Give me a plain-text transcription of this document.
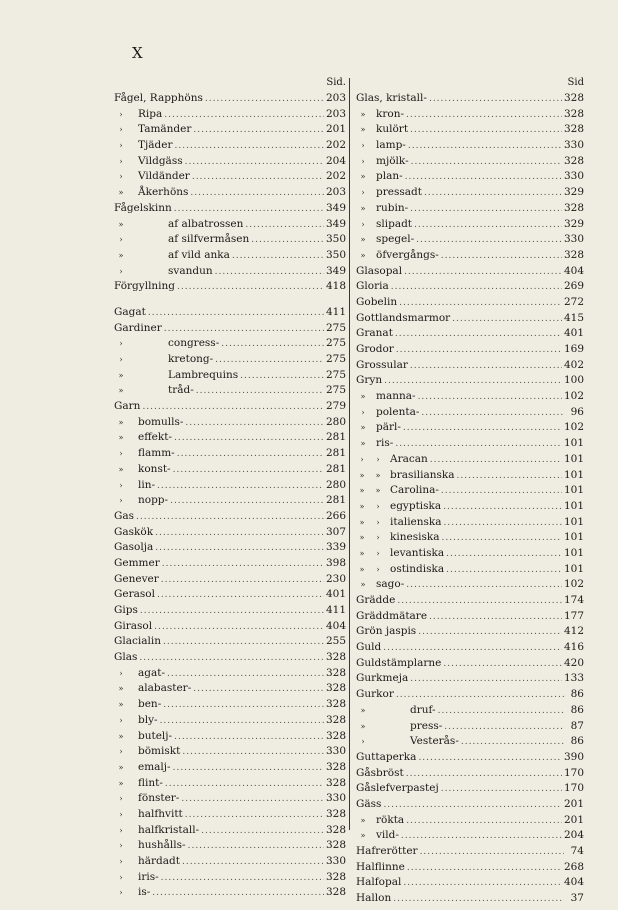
X
Sid.
Fågel, Rapphöns .....	203
›	Ripa .....	203
›	Tamänder .....	201
›	Tjäder .....	202
›	Vildgäss .....	204
›	Vildänder .....	202
»	Åkerhöns .....	203
Fågelskinn .....	349
»	af albatrossen .....	349
›	af silfvermåsen .....	350
»	af vild anka .....	350
›	svandun .....	349
Förgyllning .....	418
Gagat .....	411
Gardiner .....	275
›	congress- .....	275
›	kretong- .....	275
»	Lambrequins .....	275
»	tråd- .....	275
Garn .....	279
»	bomulls- .....	280
»	effekt- .....	281
›	flamm- .....	281
»	konst- .....	281
›	lin- .....	280
›	nopp- .....	281
Gas .....	266
Gaskök .....	307
Gasolja .....	339
Gemmer .....	398
Genever .....	230
Gerasol .....	401
Gips .....	411
Girasol .....	404
Glacialin .....	255
Glas .....	328
›	agat- .....	328
»	alabaster- .....	328
»	ben- .....	328
›	bly- .....	328
»	butelj- .....	328
›	bömiskt .....	330
»	emalj- .....	328
»	flint- .....	328
›	fönster- .....	330
›	halfhvitt .....	328
›	halfkristall- .....	328
›	hushålls- .....	328
›	härdadt .....	330
›	iris- .....	328
›	is- .....	328
Sid
Glas, kristall- .....	328
»	kron- .....	328
»	kulört .....	328
›	lamp- .....	330
›	mjölk- .....	328
»	plan- .....	330
›	pressadt .....	329
»	rubin- .....	328
›	slipadt .....	329
»	spegel- .....	330
»	öfvergångs- .....	328
Glasopal .....	404
Gloria .....	269
Gobelin .....	272
Gottlandsmarmor .....	415
Granat .....	401
Grodor .....	169
Grossular .....	402
Gryn .....	100
»	manna- .....	102
›	polenta- .....	96
»	pärl- .....	102
»	ris- .....	101
›	› Aracan .....	101
»	» brasilianska .....	101
»	» Carolina- .....	101
»	› egyptiska .....	101
»	› italienska .....	101
»	› kinesiska .....	101
»	› levantiska .....	101
»	› ostindiska .....	101
»	sago- .....	102
Grädde .....	174
Gräddmätare .....	177
Grön jaspis .....	412
Guld .....	416
Guldstämplarne .....	420
Gurkmeja .....	133
Gurkor .....	86
»	druf- .....	86
»	press- .....	87
›	Vesterås- .....	86
Guttaperka .....	390
Gåsbröst .....	170
Gåslefverpastej .....	170
Gäss .....	201
»	rökta .....	201
»	vild- .....	204
Hafrerötter .....	74
Halflinne .....	268
Halfopal .....	404
Hallon .....	37
